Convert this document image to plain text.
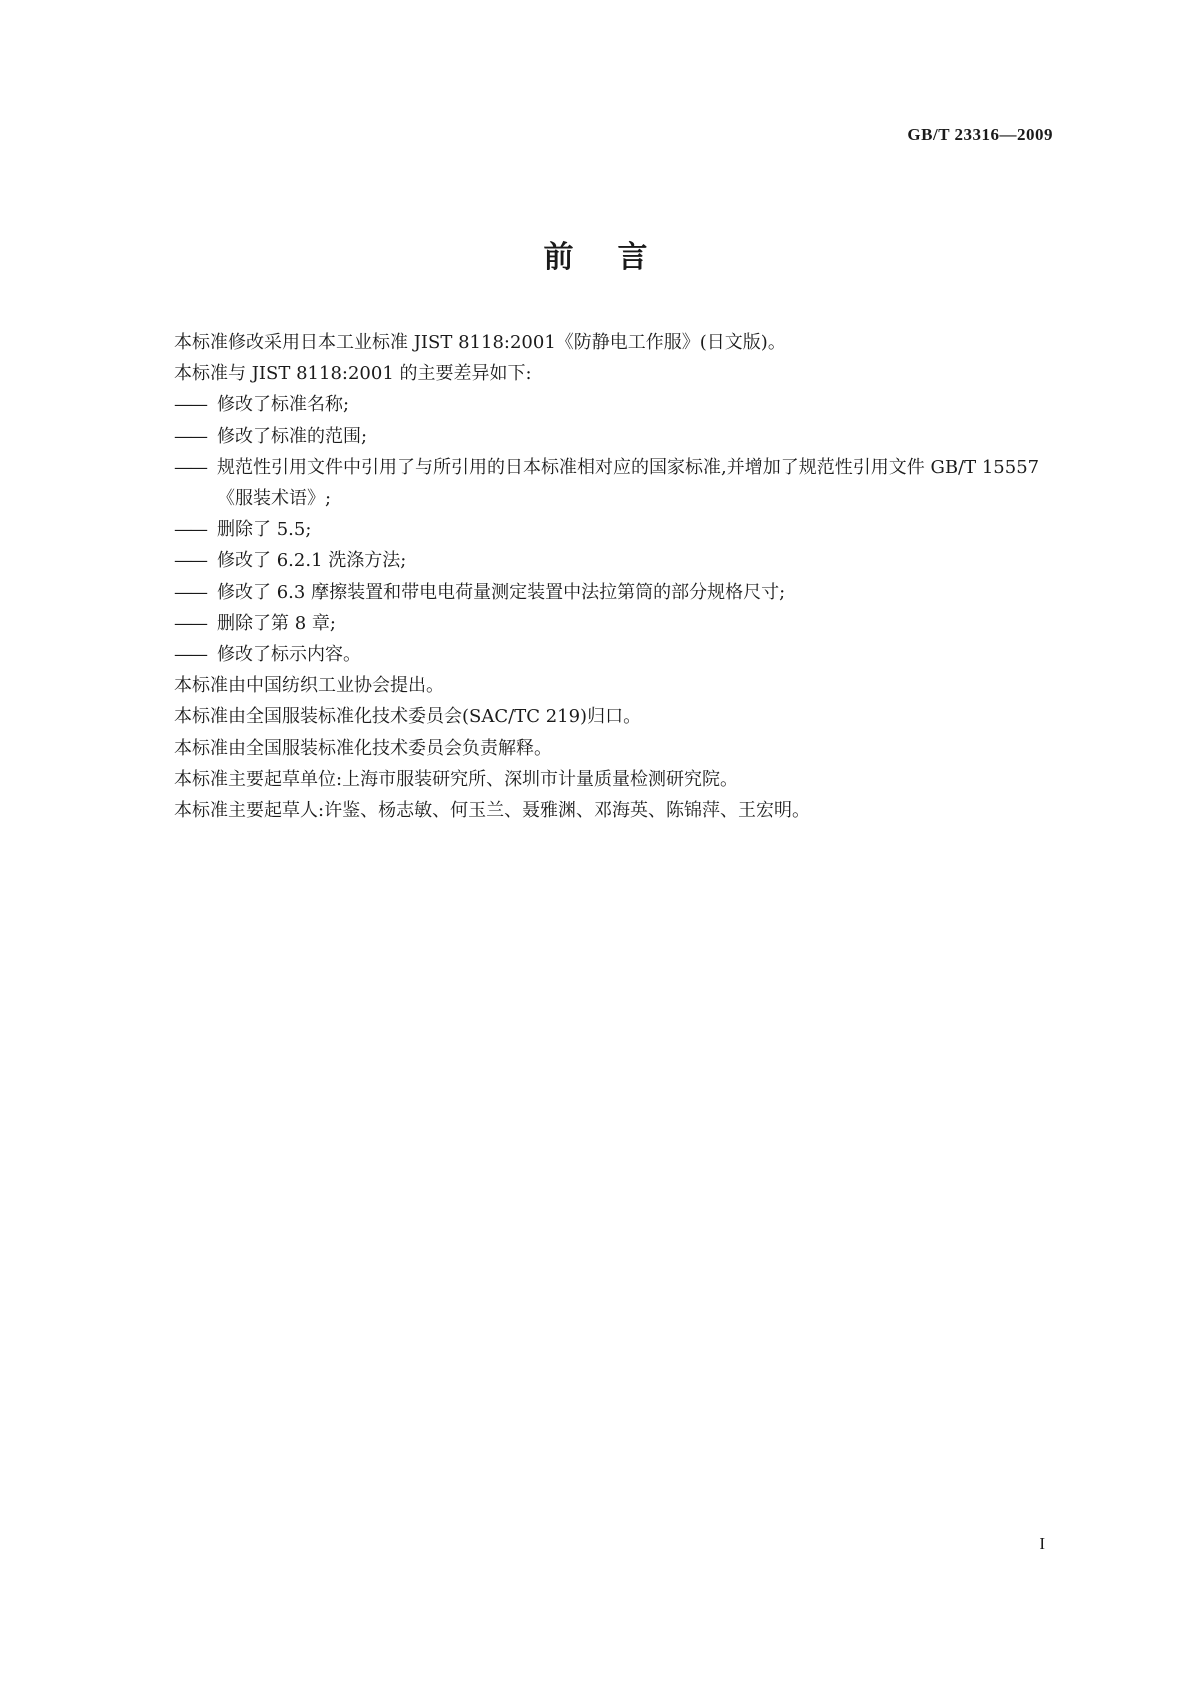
GB/T 23316—2009
前言
本标准修改采用日本工业标准 JIST 8118:2001《防静电工作服》(日文版)。
本标准与 JIST 8118:2001 的主要差异如下:
—— 修改了标准名称;
—— 修改了标准的范围;
—— 规范性引用文件中引用了与所引用的日本标准相对应的国家标准,并增加了规范性引用文件 GB/T 15557《服装术语》;
—— 删除了 5.5;
—— 修改了 6.2.1 洗涤方法;
—— 修改了 6.3 摩擦装置和带电电荷量测定装置中法拉第筒的部分规格尺寸;
—— 删除了第 8 章;
—— 修改了标示内容。
本标准由中国纺织工业协会提出。
本标准由全国服装标准化技术委员会(SAC/TC 219)归口。
本标准由全国服装标准化技术委员会负责解释。
本标准主要起草单位:上海市服装研究所、深圳市计量质量检测研究院。
本标准主要起草人:许鉴、杨志敏、何玉兰、聂雅渊、邓海英、陈锦萍、王宏明。
I
